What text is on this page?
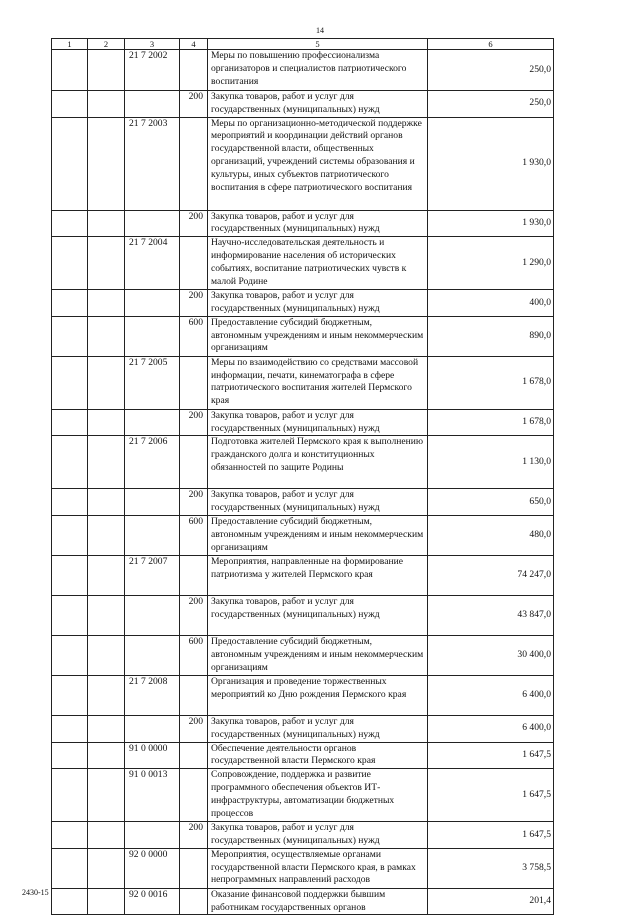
14
1	2	3	4	5	6
		21 7 2002		Меры по повышению профессионализма организаторов и специалистов патриотического воспитания	250,0
			200	Закупка товаров, работ и услуг для государственных (муниципальных) нужд	250,0
		21 7 2003		Меры по организационно-методической поддержке мероприятий и координации действий органов государственной власти, общественных организаций, учреждений системы образования и культуры, иных субъектов патриотического воспитания в сфере патриотического воспитания	1 930,0
			200	Закупка товаров, работ и услуг для государственных (муниципальных) нужд	1 930,0
		21 7 2004		Научно-исследовательская деятельность и информирование населения об исторических событиях, воспитание патриотических чувств к малой Родине	1 290,0
			200	Закупка товаров, работ и услуг для государственных (муниципальных) нужд	400,0
			600	Предоставление субсидий бюджетным, автономным учреждениям и иным некоммерческим организациям	890,0
		21 7 2005		Меры по взаимодействию со средствами массовой информации, печати, кинематографа в сфере патриотического воспитания жителей Пермского края	1 678,0
			200	Закупка товаров, работ и услуг для государственных (муниципальных) нужд	1 678,0
		21 7 2006		Подготовка жителей Пермского края к выполнению гражданского долга и конституционных обязанностей по защите Родины	1 130,0
			200	Закупка товаров, работ и услуг для государственных (муниципальных) нужд	650,0
			600	Предоставление субсидий бюджетным, автономным учреждениям и иным некоммерческим организациям	480,0
		21 7 2007		Мероприятия, направленные на формирование патриотизма у жителей Пермского края	74 247,0
			200	Закупка товаров, работ и услуг для государственных (муниципальных) нужд	43 847,0
			600	Предоставление субсидий бюджетным, автономным учреждениям и иным некоммерческим организациям	30 400,0
		21 7 2008		Организация и проведение торжественных мероприятий ко Дню рождения Пермского края	6 400,0
			200	Закупка товаров, работ и услуг для государственных (муниципальных) нужд	6 400,0
		91 0 0000		Обеспечение деятельности органов государственной власти Пермского края	1 647,5
		91 0 0013		Сопровождение, поддержка и развитие программного обеспечения объектов ИТ-инфраструктуры, автоматизации бюджетных процессов	1 647,5
			200	Закупка товаров, работ и услуг для государственных (муниципальных) нужд	1 647,5
		92 0 0000		Мероприятия, осуществляемые органами государственной власти Пермского края, в рамках непрограммных направлений расходов	3 758,5
		92 0 0016		Оказание финансовой поддержки бывшим работникам государственных органов	201,4
2430-15
